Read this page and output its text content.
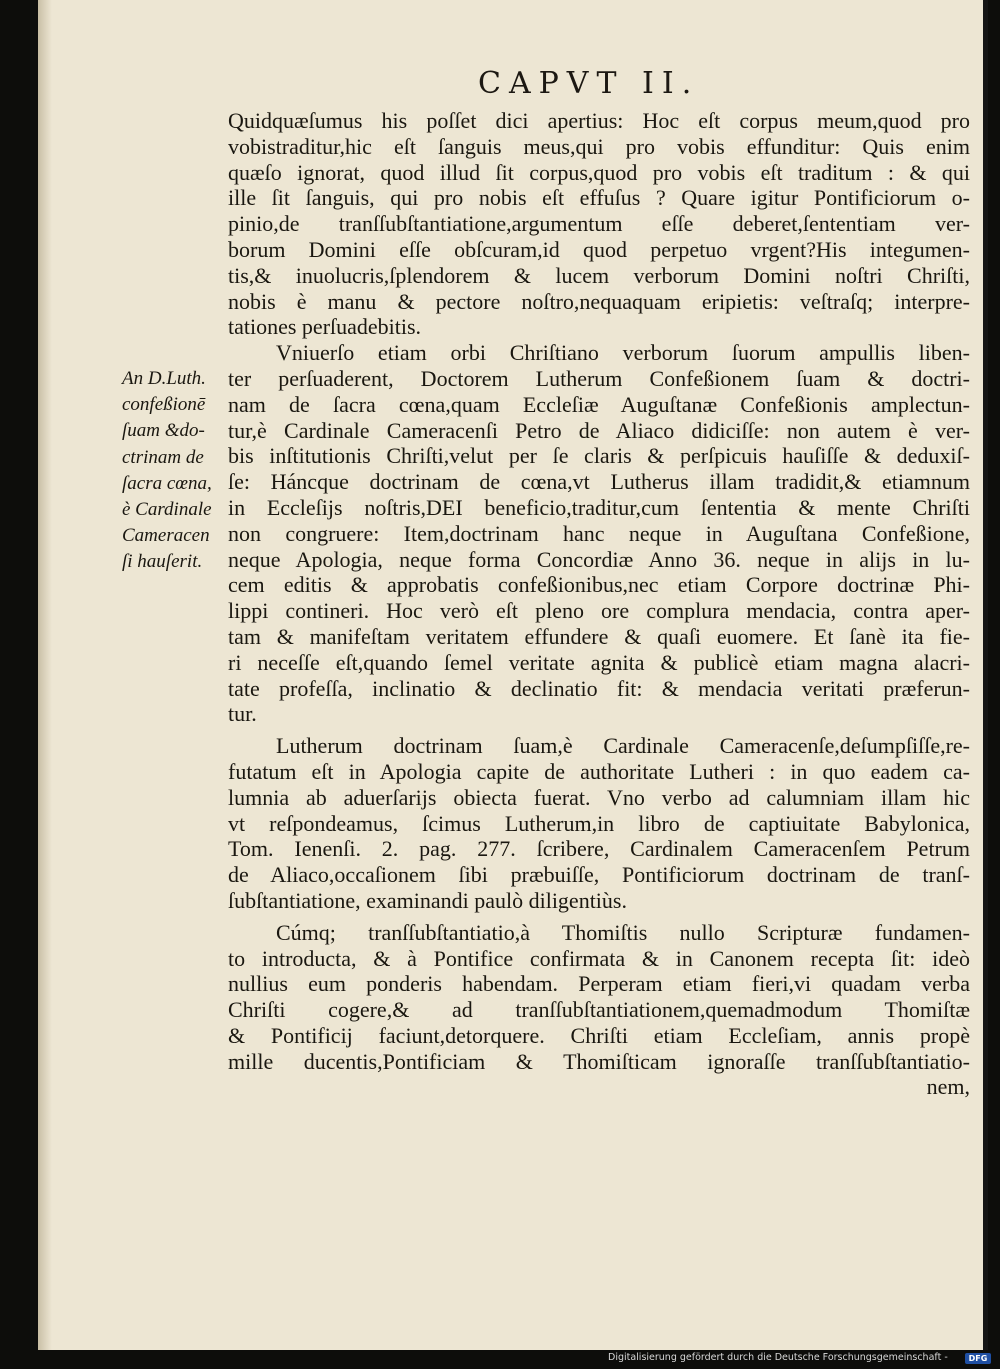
CAPVT II.
An D.Luth.
confeßionē
ſuam &do-
ctrinam de
ſacra cœna,
è Cardinale
Cameracen
ſi hauſerit.
Quidquæſumus his poſſet dici apertius: Hoc eſt corpus meum,quod pro
vobistraditur,hic eſt ſanguis meus,qui pro vobis effunditur: Quis enim
quæſo ignorat, quod illud ſit corpus,quod pro vobis eſt traditum : & qui
ille ſit ſanguis, qui pro nobis eſt effuſus ? Quare igitur Pontificiorum o-
pinio,de tranſſubſtantiatione,argumentum eſſe deberet,ſententiam ver-
borum Domini eſſe obſcuram,id quod perpetuo vrgent?His integumen-
tis,& inuolucris,ſplendorem & lucem verborum Domini noſtri Chriſti,
nobis è manu & pectore noſtro,nequaquam eripietis: veſtraſq; interpre-
tationes perſuadebitis.
Vniuerſo etiam orbi Chriſtiano verborum ſuorum ampullis liben-
ter perſuaderent, Doctorem Lutherum Confeßionem ſuam & doctri-
nam de ſacra cœna,quam Eccleſiæ Auguſtanæ Confeßionis amplectun-
tur,è Cardinale Cameracenſi Petro de Aliaco didiciſſe: non autem è ver-
bis inſtitutionis Chriſti,velut per ſe claris & perſpicuis hauſiſſe & deduxiſ-
ſe: Háncque doctrinam de cœna,vt Lutherus illam tradidit,& etiamnum
in Eccleſijs noſtris,DEI beneficio,traditur,cum ſententia & mente Chriſti
non congruere: Item,doctrinam hanc neque in Auguſtana Confeßione,
neque Apologia, neque forma Concordiæ Anno 36. neque in alijs in lu-
cem editis & approbatis confeßionibus,nec etiam Corpore doctrinæ Phi-
lippi contineri. Hoc verò eſt pleno ore complura mendacia, contra aper-
tam & manifeſtam veritatem effundere & quaſi euomere. Et ſanè ita fie-
ri neceſſe eſt,quando ſemel veritate agnita & publicè etiam magna alacri-
tate profeſſa, inclinatio & declinatio fit: & mendacia veritati præferun-
tur.
Lutherum doctrinam ſuam,è Cardinale Cameracenſe,deſumpſiſſe,re-
futatum eſt in Apologia capite de authoritate Lutheri : in quo eadem ca-
lumnia ab aduerſarijs obiecta fuerat. Vno verbo ad calumniam illam hic
vt reſpondeamus, ſcimus Lutherum,in libro de captiuitate Babylonica,
Tom. Ienenſi. 2. pag. 277. ſcribere, Cardinalem Cameracenſem Petrum
de Aliaco,occaſionem ſibi præbuiſſe, Pontificiorum doctrinam de tranſ-
ſubſtantiatione, examinandi paulò diligentiùs.
Cúmq; tranſſubſtantiatio,à Thomiſtis nullo Scripturæ fundamen-
to introducta, & à Pontifice confirmata & in Canonem recepta ſit: ideò
nullius eum ponderis habendam. Perperam etiam fieri,vi quadam verba
Chriſti cogere,& ad tranſſubſtantiationem,quemadmodum Thomiſtæ
& Pontificij faciunt,detorquere. Chriſti etiam Eccleſiam, annis propè
mille ducentis,Pontificiam & Thomiſticam ignoraſſe tranſſubſtantiatio-
nem,
Digitalisierung gefördert durch die Deutsche Forschungsgemeinschaft -	DFG
